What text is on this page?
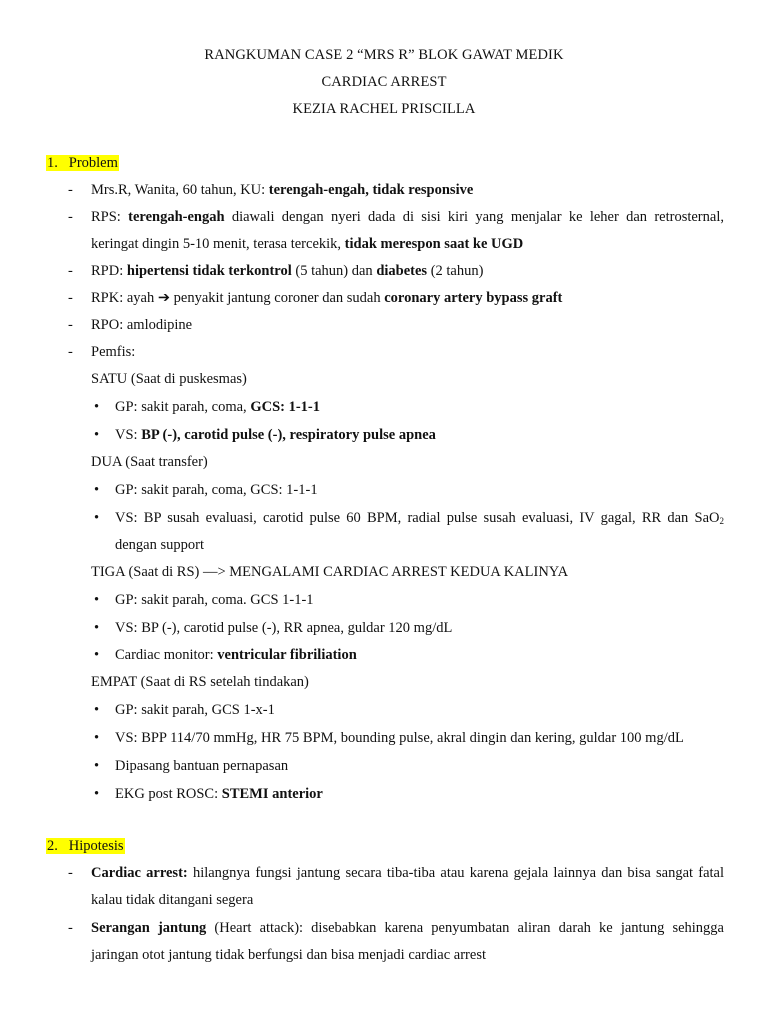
RANGKUMAN CASE 2 “MRS R” BLOK GAWAT MEDIK
CARDIAC ARREST
KEZIA RACHEL PRISCILLA
1. Problem
- Mrs.R, Wanita, 60 tahun, KU: terengah-engah, tidak responsive
- RPS: terengah-engah diawali dengan nyeri dada di sisi kiri yang menjalar ke leher dan retrosternal,
keringat dingin 5-10 menit, terasa tercekik, tidak merespon saat ke UGD
- RPD: hipertensi tidak terkontrol (5 tahun) dan diabetes (2 tahun)
- RPK: ayah ➔ penyakit jantung coroner dan sudah coronary artery bypass graft
- RPO: amlodipine
- Pemfis:
SATU (Saat di puskesmas)
• GP: sakit parah, coma, GCS: 1-1-1
• VS: BP (-), carotid pulse (-), respiratory pulse apnea
DUA (Saat transfer)
• GP: sakit parah, coma, GCS: 1-1-1
• VS: BP susah evaluasi, carotid pulse 60 BPM, radial pulse susah evaluasi, IV gagal, RR dan SaO$_2$
dengan support
TIGA (Saat di RS) —> MENGALAMI CARDIAC ARREST KEDUA KALINYA
• GP: sakit parah, coma. GCS 1-1-1
• VS: BP (-), carotid pulse (-), RR apnea, guldar 120 mg/dL
• Cardiac monitor: ventricular fibriliation
EMPAT (Saat di RS setelah tindakan)
• GP: sakit parah, GCS 1-x-1
• VS: BPP 114/70 mmHg, HR 75 BPM, bounding pulse, akral dingin dan kering, guldar 100 mg/dL
• Dipasang bantuan pernapasan
• EKG post ROSC: STEMI anterior
2. Hipotesis
- Cardiac arrest: hilangnya fungsi jantung secara tiba-tiba atau karena gejala lainnya dan bisa sangat fatal
kalau tidak ditangani segera
- Serangan jantung (Heart attack): disebabkan karena penyumbatan aliran darah ke jantung sehingga
jaringan otot jantung tidak berfungsi dan bisa menjadi cardiac arrest
